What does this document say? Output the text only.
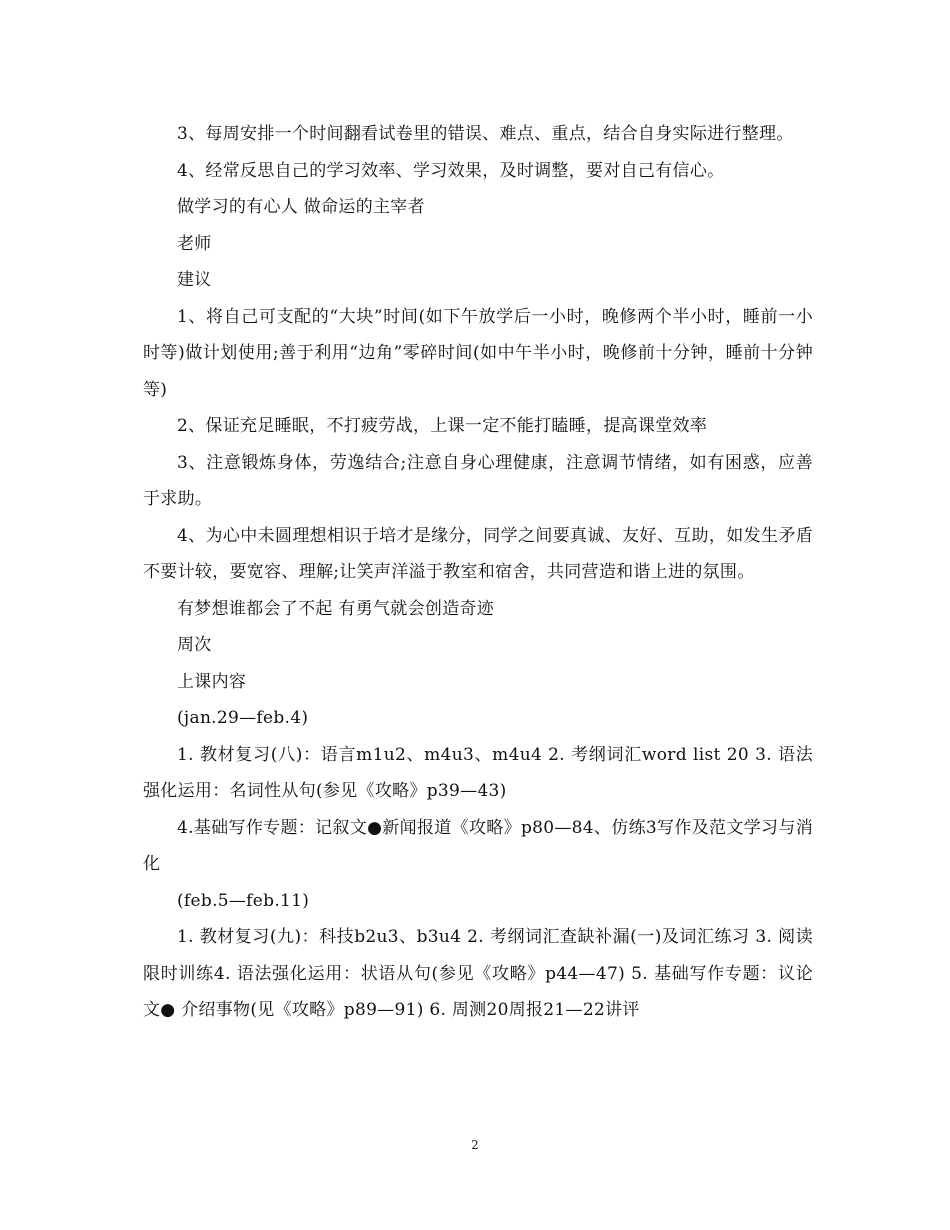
3、每周安排一个时间翻看试卷里的错误、难点、重点，结合自身实际进行整理。

4、经常反思自己的学习效率、学习效果，及时调整，要对自己有信心。

做学习的有心人 做命运的主宰者

老师

建议

1、将自己可支配的“大块”时间(如下午放学后一小时，晚修两个半小时，睡前一小时等)做计划使用;善于利用“边角”零碎时间(如中午半小时，晚修前十分钟，睡前十分钟等)

2、保证充足睡眠，不打疲劳战，上课一定不能打瞌睡，提高课堂效率

3、注意锻炼身体，劳逸结合;注意自身心理健康，注意调节情绪，如有困惑，应善于求助。

4、为心中未圆理想相识于培才是缘分，同学之间要真诚、友好、互助，如发生矛盾不要计较，要宽容、理解;让笑声洋溢于教室和宿舍，共同营造和谐上进的氛围。

有梦想谁都会了不起 有勇气就会创造奇迹

周次

上课内容

(jan.29—feb.4)

1. 教材复习(八)：语言m1u2、m4u3、m4u4 2. 考纲词汇word list 20 3. 语法强化运用：名词性从句(参见《攻略》p39—43)

4.基础写作专题：记叙文●新闻报道《攻略》p80—84、仿练3写作及范文学习与消化

(feb.5—feb.11)

1. 教材复习(九)：科技b2u3、b3u4 2. 考纲词汇查缺补漏(一)及词汇练习 3. 阅读限时训练4. 语法强化运用：状语从句(参见《攻略》p44—47) 5. 基础写作专题：议论文● 介绍事物(见《攻略》p89—91) 6. 周测20周报21—22讲评

2
